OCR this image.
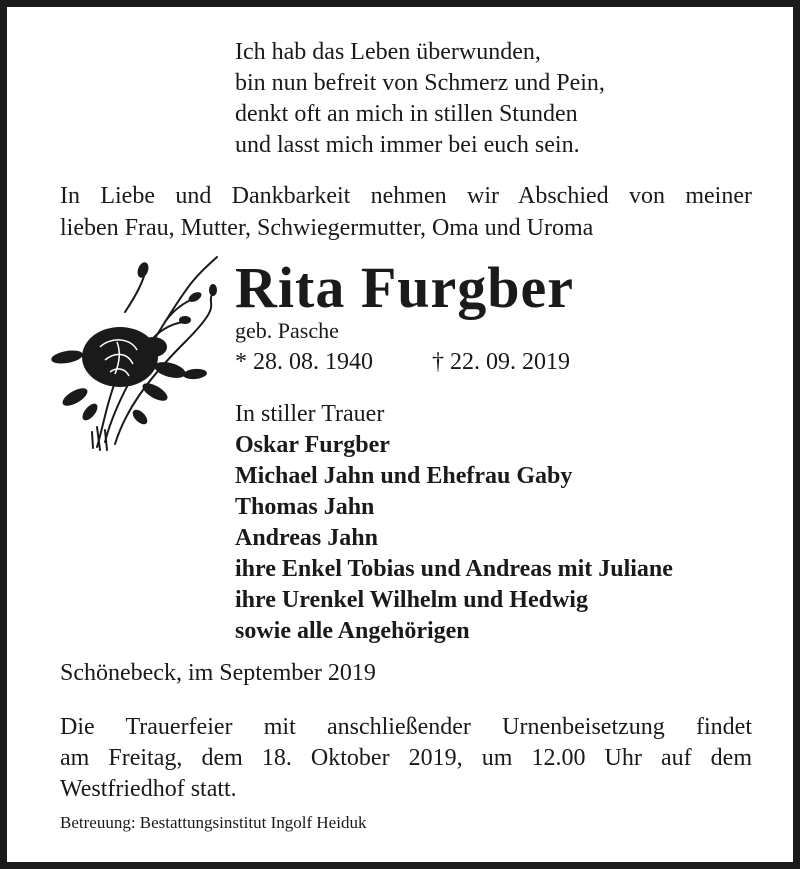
Ich hab das Leben überwunden,
bin nun befreit von Schmerz und Pein,
denkt oft an mich in stillen Stunden
und lasst mich immer bei euch sein.
In Liebe und Dankbarkeit nehmen wir Abschied von meiner
lieben Frau, Mutter, Schwiegermutter, Oma und Uroma
Rita Furgber
geb. Pasche
* 28. 08. 1940 † 22. 09. 2019
In stiller Trauer
Oskar Furgber
Michael Jahn und Ehefrau Gaby
Thomas Jahn
Andreas Jahn
ihre Enkel Tobias und Andreas mit Juliane
ihre Urenkel Wilhelm und Hedwig
sowie alle Angehörigen
Schönebeck, im September 2019
Die Trauerfeier mit anschließender Urnenbeisetzung findet
am Freitag, dem 18. Oktober 2019, um 12.00 Uhr auf dem
Westfriedhof statt.
Betreuung: Bestattungsinstitut Ingolf Heiduk
